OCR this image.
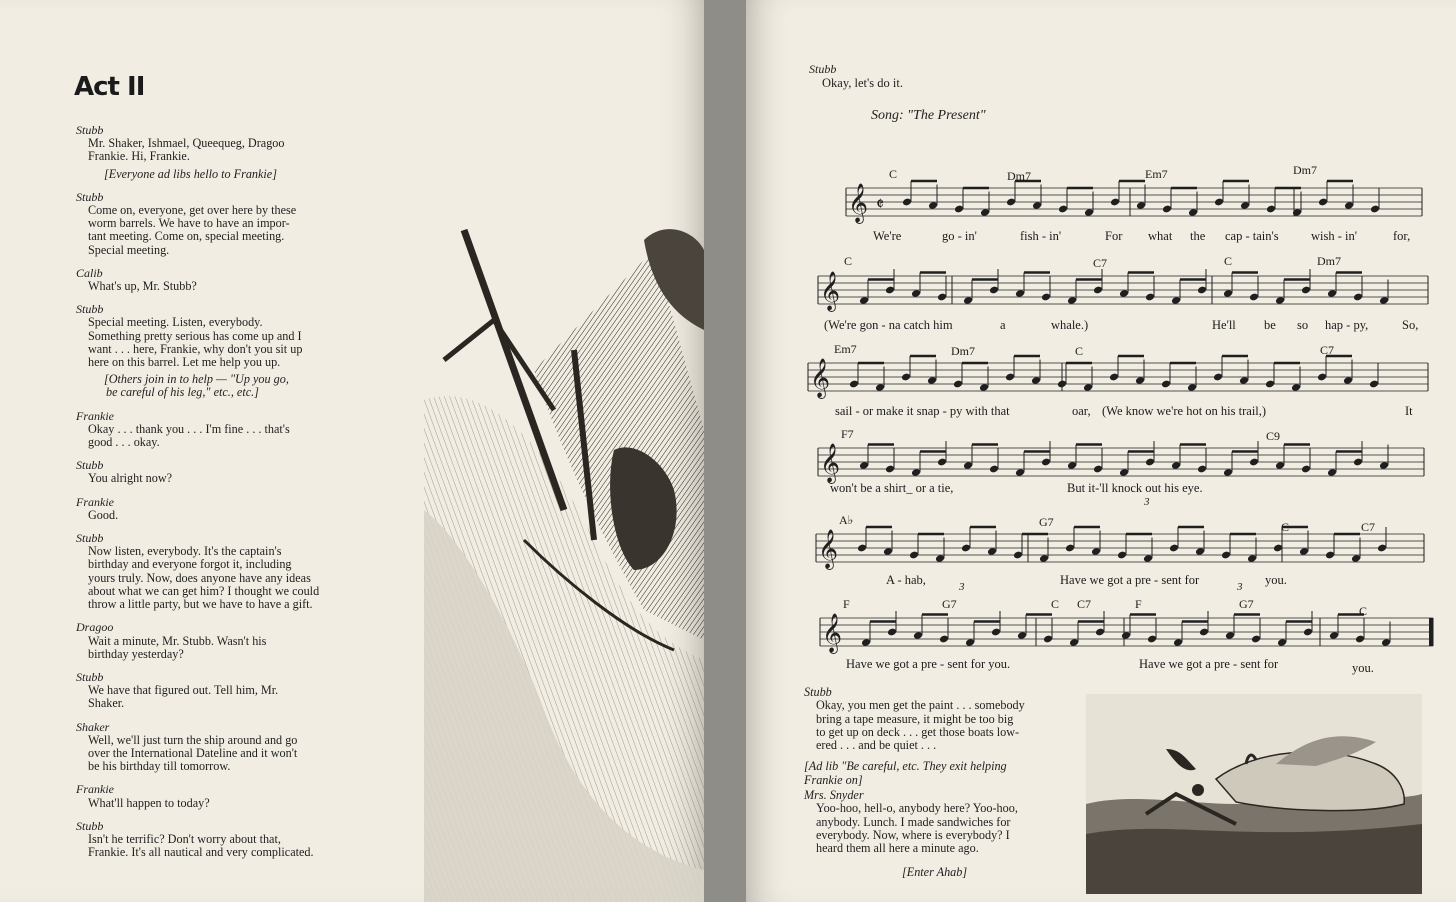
Act II
Stubb
Mr. Shaker, Ishmael, Queequeg, Dragoo
Frankie. Hi, Frankie.
[Everyone ad libs hello to Frankie]
Stubb
Come on, everyone, get over here by these
worm barrels. We have to have an impor-
tant meeting. Come on, special meeting.
Special meeting.
Calib
What's up, Mr. Stubb?
Stubb
Special meeting. Listen, everybody.
Something pretty serious has come up and I
want . . . here, Frankie, why don't you sit up
here on this barrel. Let me help you up.
[Others join in to help — "Up you go,
be careful of his leg," etc., etc.]
Frankie
Okay . . . thank you . . . I'm fine . . . that's
good . . . okay.
Stubb
You alright now?
Frankie
Good.
Stubb
Now listen, everybody. It's the captain's
birthday and everyone forgot it, including
yours truly. Now, does anyone have any ideas
about what we can get him? I thought we could
throw a little party, but we have to have a gift.
Dragoo
Wait a minute, Mr. Stubb. Wasn't his
birthday yesterday?
Stubb
We have that figured out. Tell him, Mr.
Shaker.
Shaker
Well, we'll just turn the ship around and go
over the International Dateline and it won't
be his birthday till tomorrow.
Frankie
What'll happen to today?
Stubb
Isn't he terrific? Don't worry about that,
Frankie. It's all nautical and very complicated.
Stubb
Okay, let's do it.
Song: "The Present"
𝄞 𝄵
𝄞
𝄞
𝄞
𝄞
𝄞
3
3	3
C	Dm7	Em7	Dm7
C	C7	C	Dm7
Em7	Dm7	C	C7
F7	C9
A♭	G7	C	C7
F	G7	C C7	F	G7	C
We're	go - in'	fish - in'	For what the cap - tain's	wish - in'	for,
(We're gon - na catch him	a	whale.)	He'll be so hap - py,	So,
sail - or make it snap - py with that	oar, (We know we're hot on his trail,)	It
won't be a shirt_ or a tie,	But it-'ll knock out his eye.
A - hab,	Have we got a pre - sent for	you.
Have we got a pre - sent for you.	Have we got a pre - sent for	you.
Stubb
Okay, you men get the paint . . . somebody
bring a tape measure, it might be too big
to get up on deck . . . get those boats low-
ered . . . and be quiet . . .
[Ad lib "Be careful, etc. They exit helping
Frankie on]
Mrs. Snyder
Yoo-hoo, hell-o, anybody here? Yoo-hoo,
anybody. Lunch. I made sandwiches for
everybody. Now, where is everybody? I
heard them all here a minute ago.
[Enter Ahab]
